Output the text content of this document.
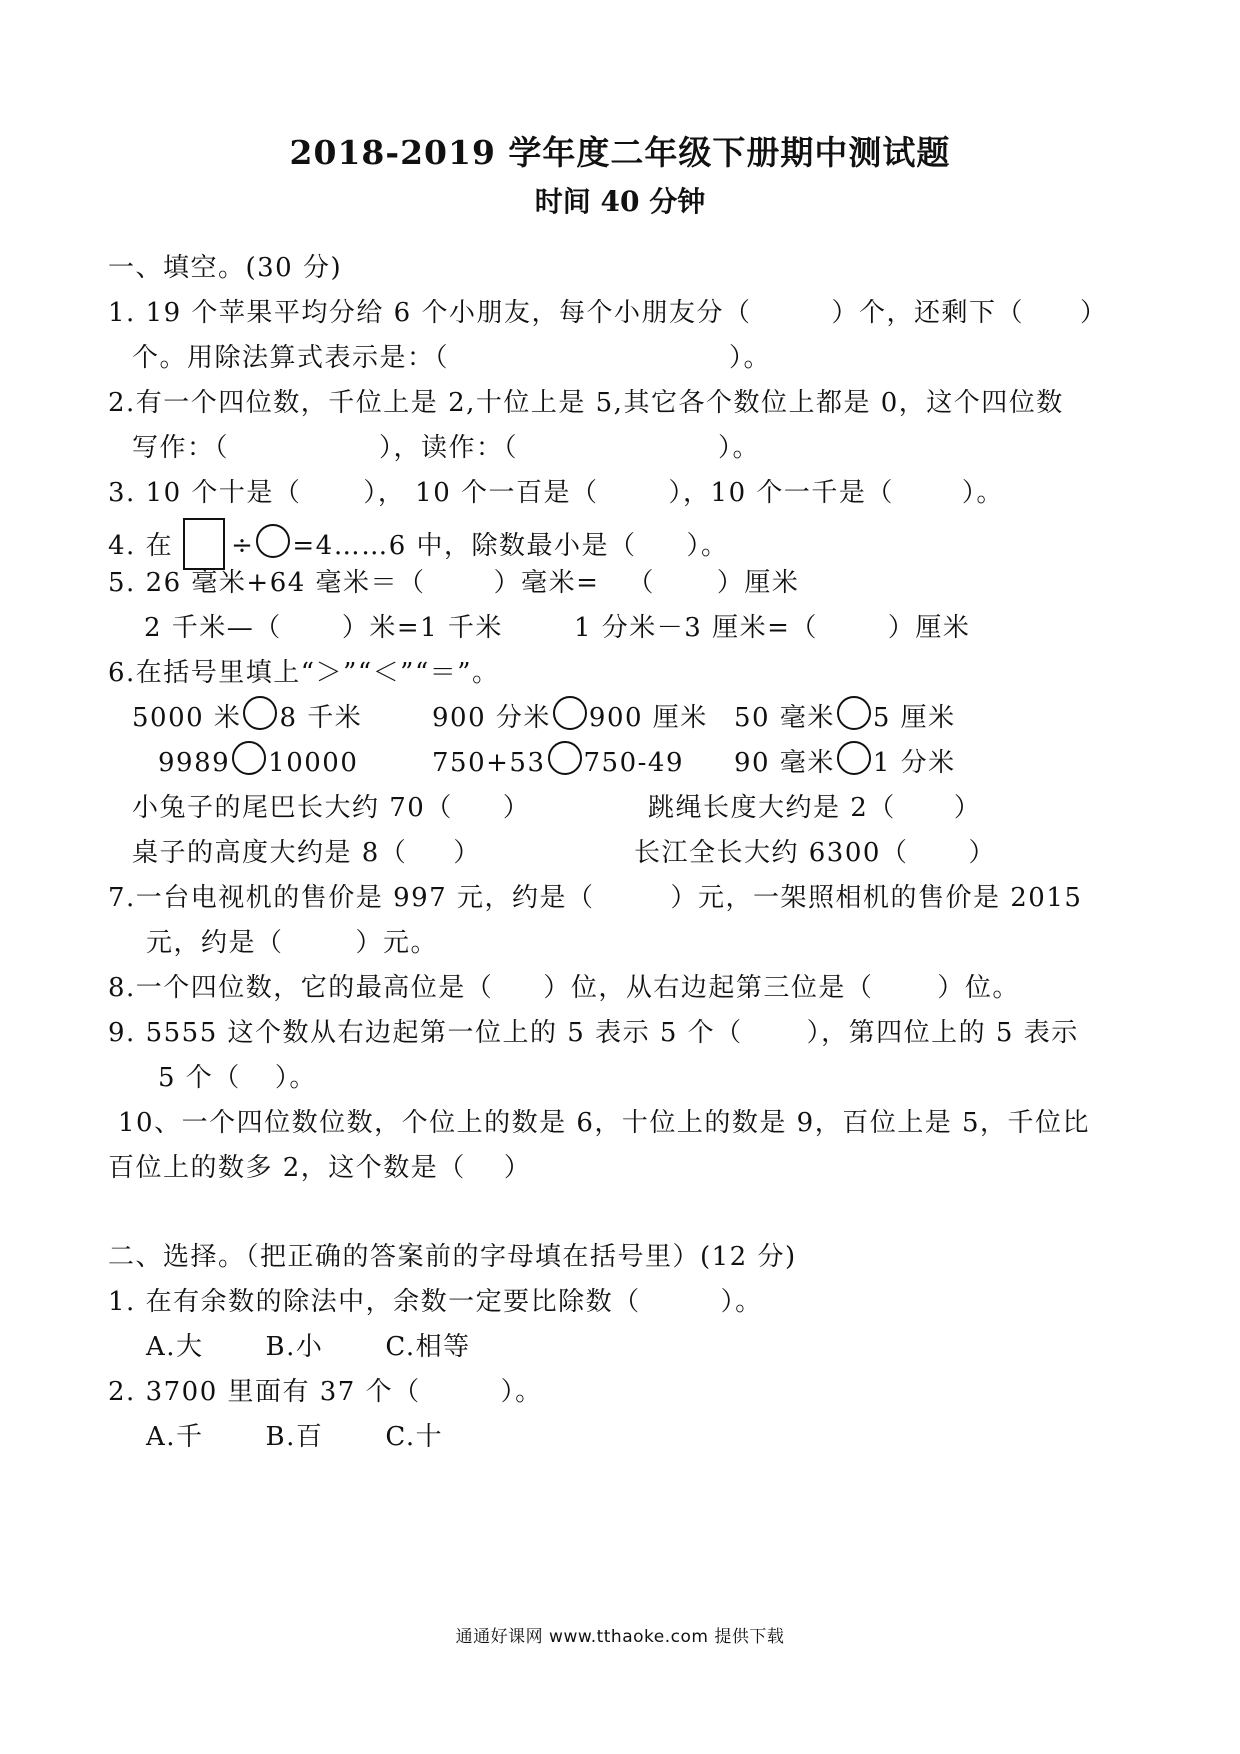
2018-2019 学年度二年级下册期中测试题
时间 40 分钟
一、填空。(30 分)
1. 19 个苹果平均分给 6 个小朋友，每个小朋友分（	）个，还剩下（ ）
个。用除法算式表示是：（	）。
2.有一个四位数，千位上是 2,十位上是 5,其它各个数位上都是 0，这个四位数
写作：（	），读作：（	）。
3. 10 个十是（ ）， 10 个一百是（	），10 个一千是（	）。
4. 在 ÷ =4……6 中，除数最小是（ ）。
5. 26 毫米+64 毫米＝（	）毫米= （ ）厘米
2 千米—（ ）米=1 千米	1 分米－3 厘米=（	）厘米
6.在括号里填上“＞”“＜”“＝”。
5000 米 8 千米	900 分米 900 厘米 50 毫米 5 厘米
9989 10000	750+53 750-49 90 毫米 1 分米
小兔子的尾巴长大约 70（ ）	跳绳长度大约是 2（ ）
桌子的高度大约是 8（ ）	长江全长大约 6300（ ）
7.一台电视机的售价是 997 元，约是（	）元，一架照相机的售价是 2015
元，约是（	）元。
8.一个四位数，它的最高位是（ ）位，从右边起第三位是（ ）位。
9. 5555 这个数从右边起第一位上的 5 表示 5 个（ ），第四位上的 5 表示
5 个（ ）。
10、一个四位数位数，个位上的数是 6，十位上的数是 9，百位上是 5，千位比
百位上的数多 2，这个数是（ ）
二、选择。（把正确的答案前的字母填在括号里）(12 分)
1. 在有余数的除法中，余数一定要比除数（	）。
A.大 B.小 C.相等
2. 3700 里面有 37 个（	）。
A.千 B.百 C.十
通通好课网 www.tthaoke.com 提供下载
